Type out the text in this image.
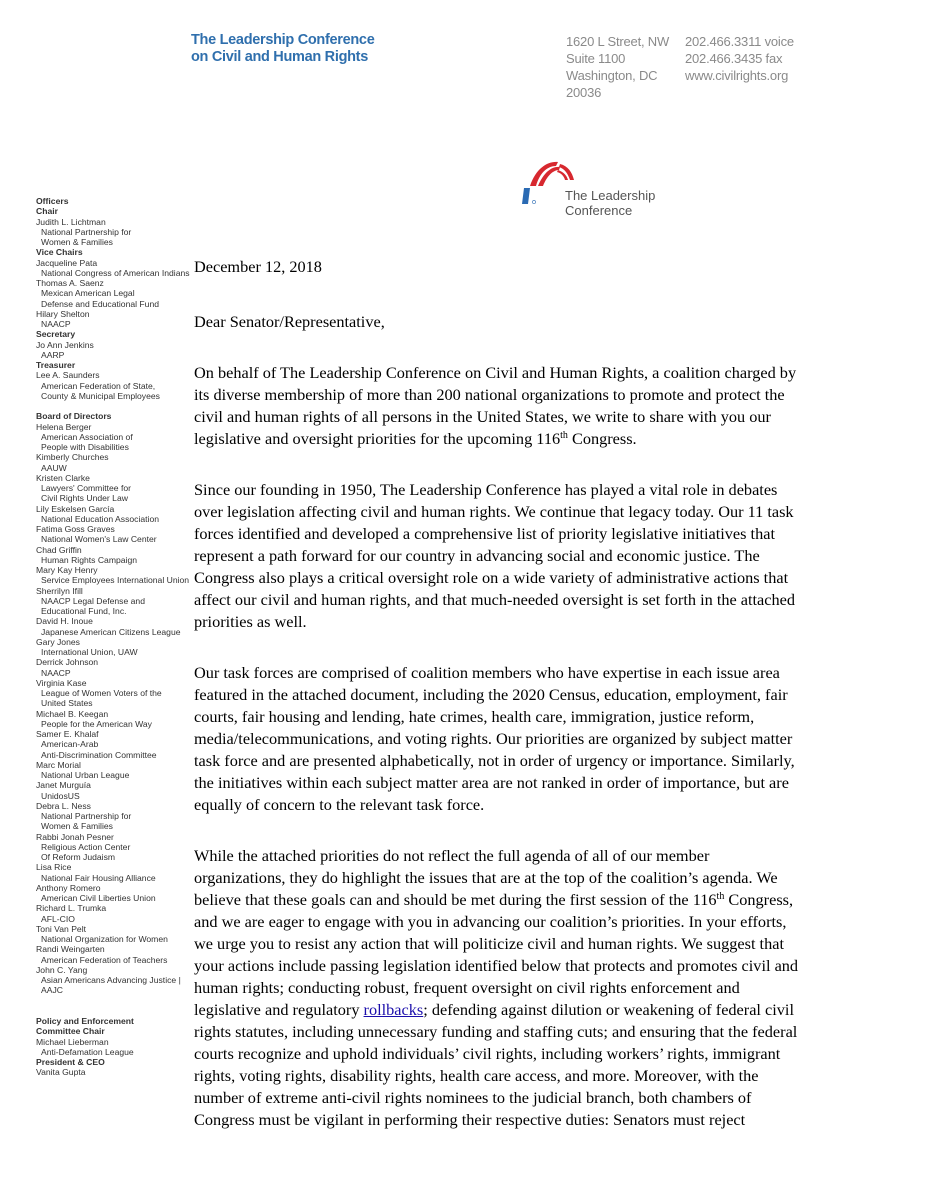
The Leadership Conference
on Civil and Human Rights
1620 L Street, NW
Suite 1100
Washington, DC
20036
202.466.3311 voice
202.466.3435 fax
www.civilrights.org
The Leadership
Conference
Officers
Chair
Judith L. Lichtman
National Partnership for
Women & Families
Vice Chairs
Jacqueline Pata
National Congress of American Indians
Thomas A. Saenz
Mexican American Legal
Defense and Educational Fund
Hilary Shelton
NAACP
Secretary
Jo Ann Jenkins
AARP
Treasurer
Lee A. Saunders
American Federation of State,
County & Municipal Employees
Board of Directors
Helena Berger
American Association of
People with Disabilities
Kimberly Churches
AAUW
Kristen Clarke
Lawyers' Committee for
Civil Rights Under Law
Lily Eskelsen García
National Education Association
Fatima Goss Graves
National Women's Law Center
Chad Griffin
Human Rights Campaign
Mary Kay Henry
Service Employees International Union
Sherrilyn Ifill
NAACP Legal Defense and
Educational Fund, Inc.
David H. Inoue
Japanese American Citizens League
Gary Jones
International Union, UAW
Derrick Johnson
NAACP
Virginia Kase
League of Women Voters of the
United States
Michael B. Keegan
People for the American Way
Samer E. Khalaf
American-Arab
Anti-Discrimination Committee
Marc Morial
National Urban League
Janet Murguía
UnidosUS
Debra L. Ness
National Partnership for
Women & Families
Rabbi Jonah Pesner
Religious Action Center
Of Reform Judaism
Lisa Rice
National Fair Housing Alliance
Anthony Romero
American Civil Liberties Union
Richard L. Trumka
AFL-CIO
Toni Van Pelt
National Organization for Women
Randi Weingarten
American Federation of Teachers
John C. Yang
Asian Americans Advancing Justice |
AAJC
Policy and Enforcement
Committee Chair
Michael Lieberman
Anti-Defamation League
President & CEO
Vanita Gupta
December 12, 2018
Dear Senator/Representative,
On behalf of The Leadership Conference on Civil and Human Rights, a coalition charged by
its diverse membership of more than 200 national organizations to promote and protect the
civil and human rights of all persons in the United States, we write to share with you our
legislative and oversight priorities for the upcoming 116th Congress.
Since our founding in 1950, The Leadership Conference has played a vital role in debates
over legislation affecting civil and human rights. We continue that legacy today. Our 11 task
forces identified and developed a comprehensive list of priority legislative initiatives that
represent a path forward for our country in advancing social and economic justice. The
Congress also plays a critical oversight role on a wide variety of administrative actions that
affect our civil and human rights, and that much-needed oversight is set forth in the attached
priorities as well.
Our task forces are comprised of coalition members who have expertise in each issue area
featured in the attached document, including the 2020 Census, education, employment, fair
courts, fair housing and lending, hate crimes, health care, immigration, justice reform,
media/telecommunications, and voting rights. Our priorities are organized by subject matter
task force and are presented alphabetically, not in order of urgency or importance. Similarly,
the initiatives within each subject matter area are not ranked in order of importance, but are
equally of concern to the relevant task force.
While the attached priorities do not reflect the full agenda of all of our member
organizations, they do highlight the issues that are at the top of the coalition’s agenda. We
believe that these goals can and should be met during the first session of the 116th Congress,
and we are eager to engage with you in advancing our coalition’s priorities. In your efforts,
we urge you to resist any action that will politicize civil and human rights. We suggest that
your actions include passing legislation identified below that protects and promotes civil and
human rights; conducting robust, frequent oversight on civil rights enforcement and
legislative and regulatory rollbacks; defending against dilution or weakening of federal civil
rights statutes, including unnecessary funding and staffing cuts; and ensuring that the federal
courts recognize and uphold individuals’ civil rights, including workers’ rights, immigrant
rights, voting rights, disability rights, health care access, and more. Moreover, with the
number of extreme anti-civil rights nominees to the judicial branch, both chambers of
Congress must be vigilant in performing their respective duties: Senators must reject
